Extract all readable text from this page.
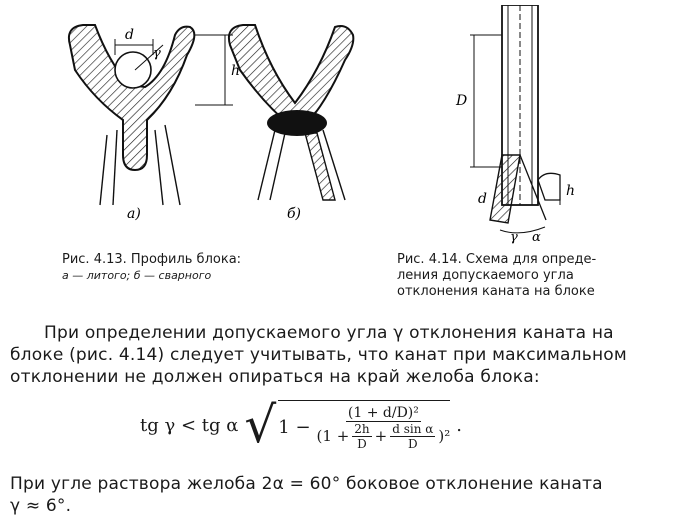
d
γ
h
а)	б)
D
h
d
γ α
Рис. 4.13. Профиль блока:
а — литого; б — сварного
Рис. 4.14. Схема для опреде-
ления допускаемого угла
отклонения каната на блоке
При определении допускаемого угла γ отклонения каната на
блоке (рис. 4.14) следует учитывать, что канат при максимальном
отклонении не должен опираться на край желоба блока:
tg γ < tg α √ 1 −
(1 + d/D)²
$(1 + \frac{2h}{D} + \frac{\text{d sin α}}{D} )^2$
.
При угле раствора желоба 2α = 60° боковое отклонение каната
γ ≈ 6°.
